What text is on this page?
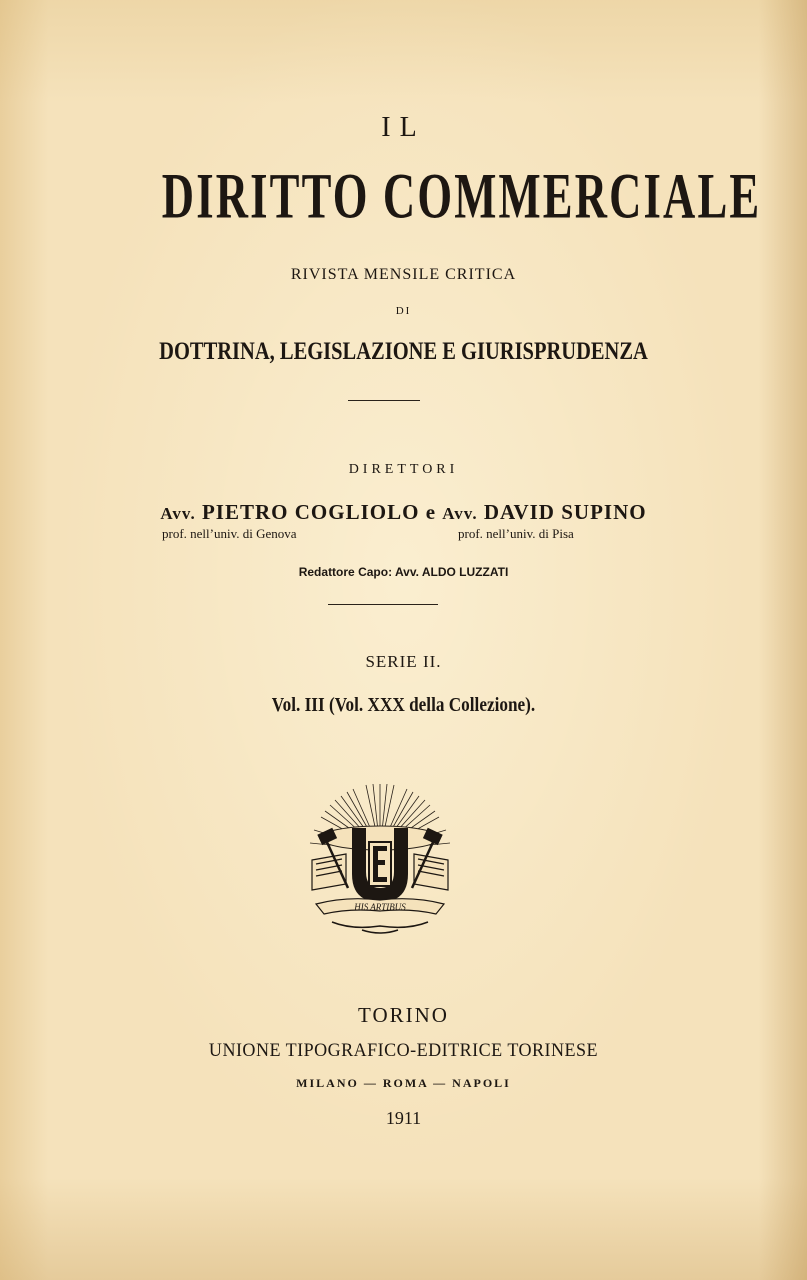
IL
DIRITTO COMMERCIALE
RIVISTA MENSILE CRITICA
DI
DOTTRINA, LEGISLAZIONE E GIURISPRUDENZA
DIRETTORI
Avv. PIETRO COGLIOLO e Avv. DAVID SUPINO
prof. nell’univ. di Genova	prof. nell’univ. di Pisa
Redattore Capo: Avv. ALDO LUZZATI
SERIE II.
Vol. III (Vol. XXX della Collezione).
HIS ARTIBUS
TORINO
UNIONE TIPOGRAFICO-EDITRICE TORINESE
MILANO — ROMA — NAPOLI
1911
